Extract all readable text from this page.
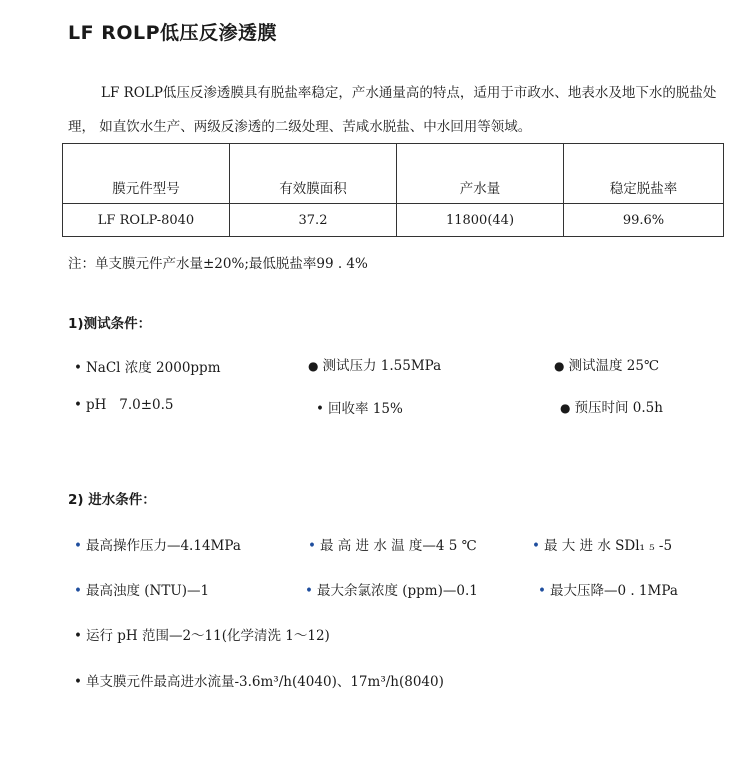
LF ROLP低压反渗透膜
LF ROLP低压反渗透膜具有脱盐率稳定，产水通量高的特点，适用于市政水、地表水及地下水的脱盐处理， 如直饮水生产、两级反渗透的二级处理、苦咸水脱盐、中水回用等领域。
膜元件型号	有效膜面积	产水量	稳定脱盐率
LF ROLP-8040	37.2	11800(44)	99.6%
注：单支膜元件产水量±20%;最低脱盐率99 . 4%
1)测试条件：
• NaCl 浓度 2000ppm	● 测试压力 1.55MPa	● 测试温度 25℃
• pH   7.0±0.5	• 回收率 15%	● 预压时间 0.5h
2) 进水条件：
• 最高操作压力—4.14MPa	• 最 高 进 水 温 度—4 5 ℃	• 最 大 进 水 SDl₁ ₅ -5
• 最高浊度 (NTU)—1	• 最大余氯浓度 (ppm)—0.1	• 最大压降—0 . 1MPa
• 运行 pH 范围—2～11(化学清洗 1～12)
• 单支膜元件最高进水流量-3.6m³/h(4040)、17m³/h(8040)
